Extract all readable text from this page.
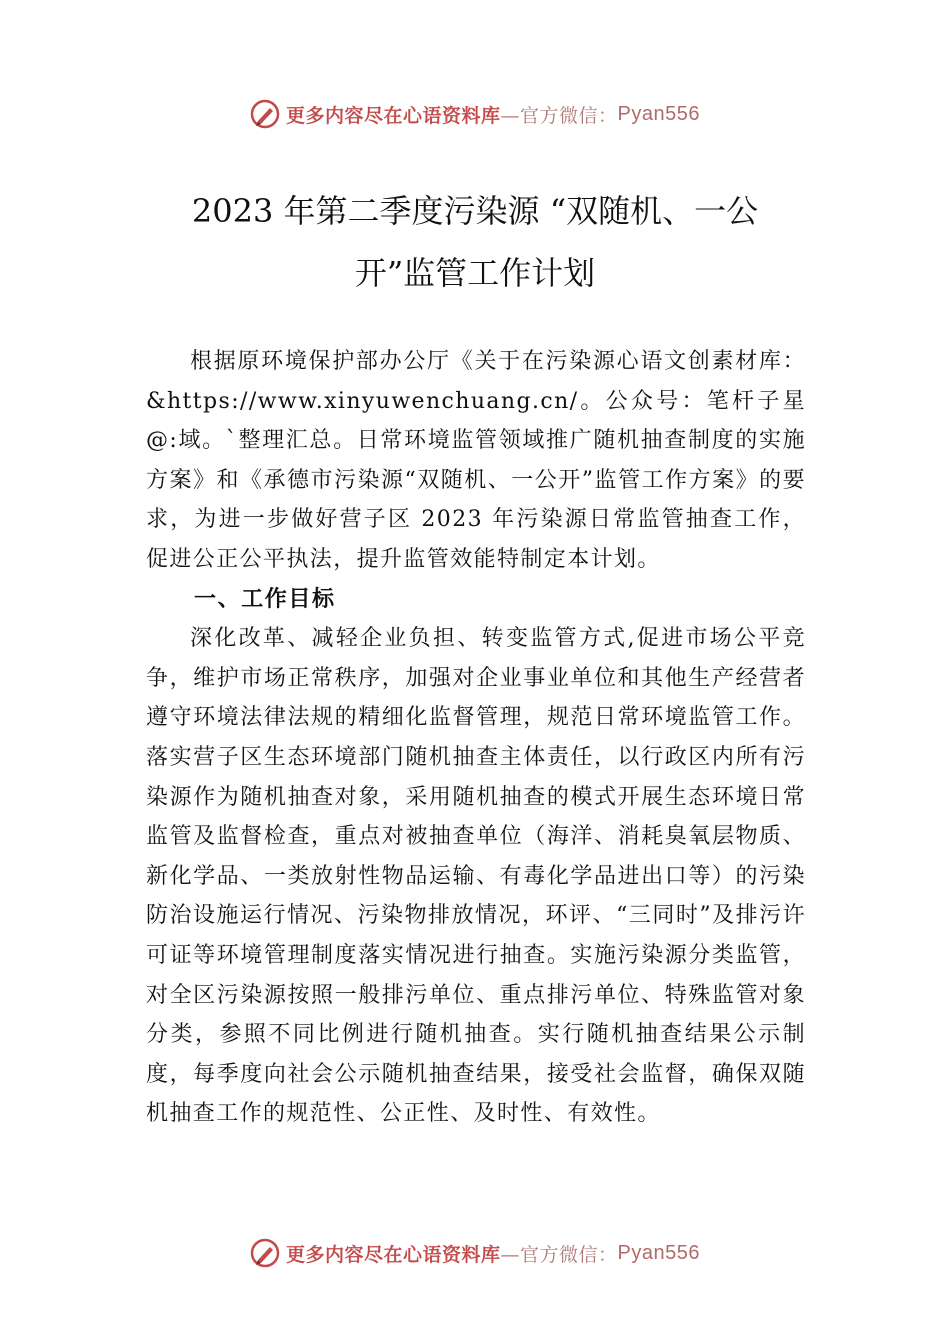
更多内容尽在心语资料库 —官方微信： Pyan556
2023 年第二季度污染源 “双随机、一公
开”监管工作计划

根据原环境保护部办公厅《关于在污染源心语文创素材库：&https://www.xinyuwenchuang.cn/。公众号：笔杆子星@:域。`整理汇总。日常环境监管领域推广随机抽查制度的实施方案》和《承德市污染源“双随机、一公开”监管工作方案》的要求，为进一步做好营子区 2023 年污染源日常监管抽查工作，促进公正公平执法，提升监管效能特制定本计划。

一、工作目标

深化改革、减轻企业负担、转变监管方式,促进市场公平竞争，维护市场正常秩序，加强对企业事业单位和其他生产经营者遵守环境法律法规的精细化监督管理，规范日常环境监管工作。落实营子区生态环境部门随机抽查主体责任，以行政区内所有污染源作为随机抽查对象，采用随机抽查的模式开展生态环境日常监管及监督检查，重点对被抽查单位（海洋、消耗臭氧层物质、新化学品、一类放射性物品运输、有毒化学品进出口等）的污染防治设施运行情况、污染物排放情况，环评、“三同时”及排污许可证等环境管理制度落实情况进行抽查。实施污染源分类监管，对全区污染源按照一般排污单位、重点排污单位、特殊监管对象分类，参照不同比例进行随机抽查。实行随机抽查结果公示制度，每季度向社会公示随机抽查结果，接受社会监督，确保双随机抽查工作的规范性、公正性、及时性、有效性。

更多内容尽在心语资料库 —官方微信： Pyan556
